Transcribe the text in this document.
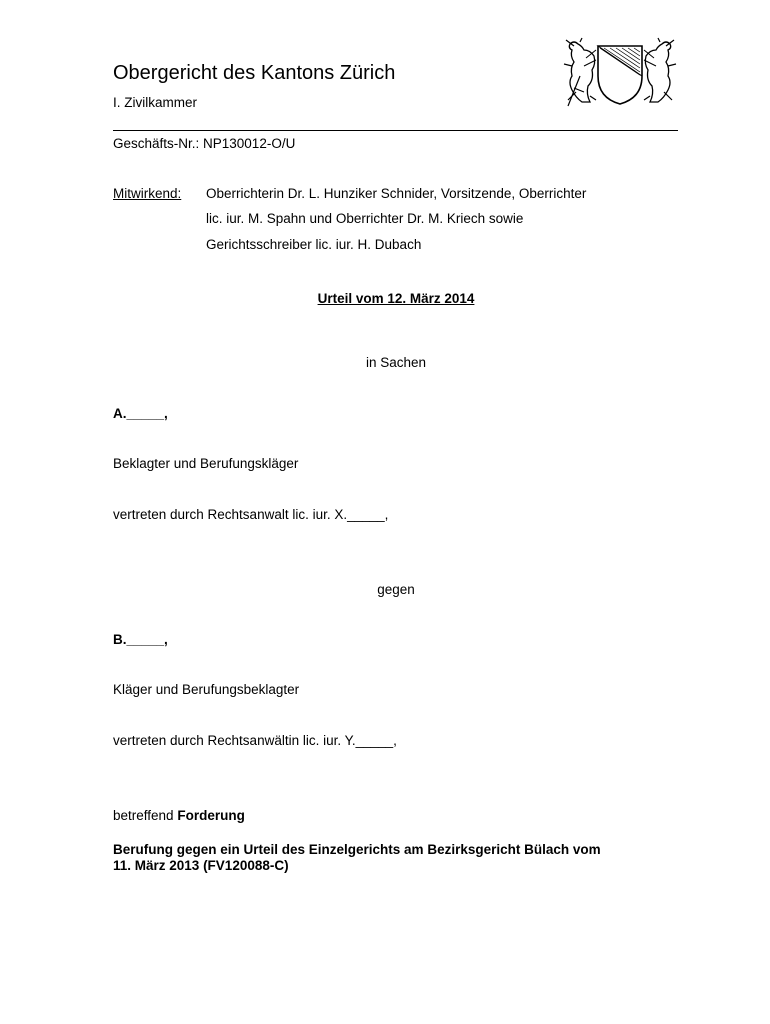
Obergericht des Kantons Zürich
I. Zivilkammer
Geschäfts-Nr.: NP130012-O/U
Mitwirkend: Oberrichterin Dr. L. Hunziker Schnider, Vorsitzende, Oberrichter
lic. iur. M. Spahn und Oberrichter Dr. M. Kriech sowie
Gerichtsschreiber lic. iur. H. Dubach
Urteil vom 12. März 2014
in Sachen
A._____,
Beklagter und Berufungskläger
vertreten durch Rechtsanwalt lic. iur. X._____,
gegen
B._____,
Kläger und Berufungsbeklagter
vertreten durch Rechtsanwältin lic. iur. Y._____,
betreffend Forderung
Berufung gegen ein Urteil des Einzelgerichts am Bezirksgericht Bülach vom
11. März 2013 (FV120088-C)
